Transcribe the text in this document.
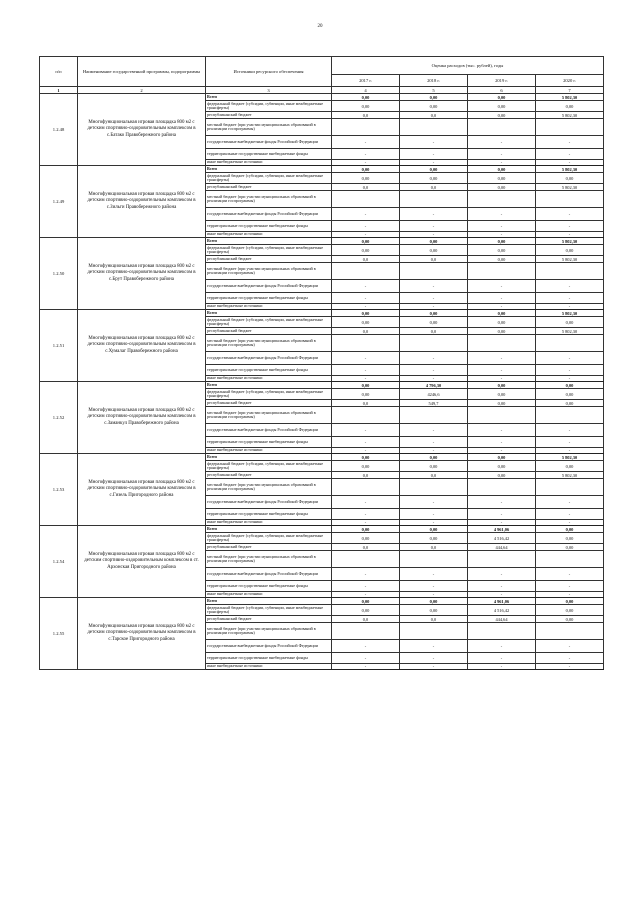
20
п/п	Наименование государственной программы, подпрограммы	Источники ресурсного обеспечения	Оценка расходов (тыс. рублей), годы			
			2017 г.	2018 г.	2019 г.	2020 г.
1	2	3	4	5	6	7
1.2.48	Многофункциональная игровая площадка 800 м2 с детским спортивно-оздоровительным комплексом в с.Батако Правобережного района	Всего	0,00	0,00	0,00	5 802,30
		федеральный бюджет (субсидии, субвенции, иные межбюджетные трансферты)	0,00	0,00	0,00	0,00
		республиканский бюджет	0,0	0,0	0,00	5 802,30
		местный бюджет (при участии муниципальных образований в реализации госпрограммы)				
		государственные внебюджетные фонды Российской Федерации	-	-	-	-
		территориальные государственные внебюджетные фонды	-	-	-	-
		иные внебюджетные источники	-	-	-	-
1.2.49	Многофункциональная игровая площадка 800 м2 с детским спортивно-оздоровительным комплексом в с.Зильги Правобережного района	Всего	0,00	0,00	0,00	5 802,30
		федеральный бюджет (субсидии, субвенции, иные межбюджетные трансферты)	0,00	0,00	0,00	0,00
		республиканский бюджет	0,0	0,0	0,00	5 802,30
		местный бюджет (при участии муниципальных образований в реализации госпрограммы)				
		государственные внебюджетные фонды Российской Федерации	-	-	-	-
		территориальные государственные внебюджетные фонды	-	-	-	-
		иные внебюджетные источники	-	-	-	-
1.2.50	Многофункциональная игровая площадка 800 м2 с детским спортивно-оздоровительным комплексом в с.Брут Правобережного района	Всего	0,00	0,00	0,00	5 802,30
		федеральный бюджет (субсидии, субвенции, иные межбюджетные трансферты)	0,00	0,00	0,00	0,00
		республиканский бюджет	0,0	0,0	0,00	5 802,30
		местный бюджет (при участии муниципальных образований в реализации госпрограммы)				
		государственные внебюджетные фонды Российской Федерации	-	-	-	-
		территориальные государственные внебюджетные фонды	-	-	-	-
		иные внебюджетные источники	-	-	-	-
1.2.51	Многофункциональная игровая площадка 800 м2 с детским спортивно-оздоровительным комплексом в с.Хумалаг Правобережного района	Всего	0,00	0,00	0,00	5 802,30
		федеральный бюджет (субсидии, субвенции, иные межбюджетные трансферты)	0,00	0,00	0,00	0,00
		республиканский бюджет	0,0	0,0	0,00	5 802,30
		местный бюджет (при участии муниципальных образований в реализации госпрограммы)				
		государственные внебюджетные фонды Российской Федерации	-	-	-	-
		территориальные государственные внебюджетные фонды	-	-	-	-
		иные внебюджетные источники	-	-	-	-
1.2.52	Многофункциональная игровая площадка 800 м2 с детским спортивно-оздоровительным комплексом в с.Заманкул Правобережного района	Всего	0,00	4 796,30	0,00	0,00
		федеральный бюджет (субсидии, субвенции, иные межбюджетные трансферты)	0,00	4246,6	0,00	0,00
		республиканский бюджет	0,0	549,7	0,00	0,00
		местный бюджет (при участии муниципальных образований в реализации госпрограммы)				
		государственные внебюджетные фонды Российской Федерации	-	-	-	-
		территориальные государственные внебюджетные фонды	-	-	-	-
		иные внебюджетные источники	-	-	-	-
1.2.53	Многофункциональная игровая площадка 800 м2 с детским спортивно-оздоровительным комплексом в с.Гизель Пригородного района	Всего	0,00	0,00	0,00	5 802,30
		федеральный бюджет (субсидии, субвенции, иные межбюджетные трансферты)	0,00	0,00	0,00	0,00
		республиканский бюджет	0,0	0,0	0,00	5 802,30
		местный бюджет (при участии муниципальных образований в реализации госпрограммы)				
		государственные внебюджетные фонды Российской Федерации	-	-	-	-
		территориальные государственные внебюджетные фонды	-	-	-	-
		иные внебюджетные источники	-	-	-	-
1.2.54	Многофункциональная игровая площадка 800 м2 с детским спортивно-оздоровительным комплексом в ст. Архонская Пригородного района	Всего	0,00	0,00	4 961,06	0,00
		федеральный бюджет (субсидии, субвенции, иные межбюджетные трансферты)	0,00	0,00	4 516,42	0,00
		республиканский бюджет	0,0	0,0	444,64	0,00
		местный бюджет (при участии муниципальных образований в реализации госпрограммы)				
		государственные внебюджетные фонды Российской Федерации	-	-	-	-
		территориальные государственные внебюджетные фонды	-	-	-	-
		иные внебюджетные источники	-	-	-	-
1.2.55	Многофункциональная игровая площадка 800 м2 с детским спортивно-оздоровительным комплексом в с.Тарское Пригородного района	Всего	0,00	0,00	4 961,06	0,00
		федеральный бюджет (субсидии, субвенции, иные межбюджетные трансферты)	0,00	0,00	4 516,42	0,00
		республиканский бюджет	0,0	0,0	444,64	0,00
		местный бюджет (при участии муниципальных образований в реализации госпрограммы)				
		государственные внебюджетные фонды Российской Федерации	-	-	-	-
		территориальные государственные внебюджетные фонды	-	-	-	-
		иные внебюджетные источники	-	-	-	-
